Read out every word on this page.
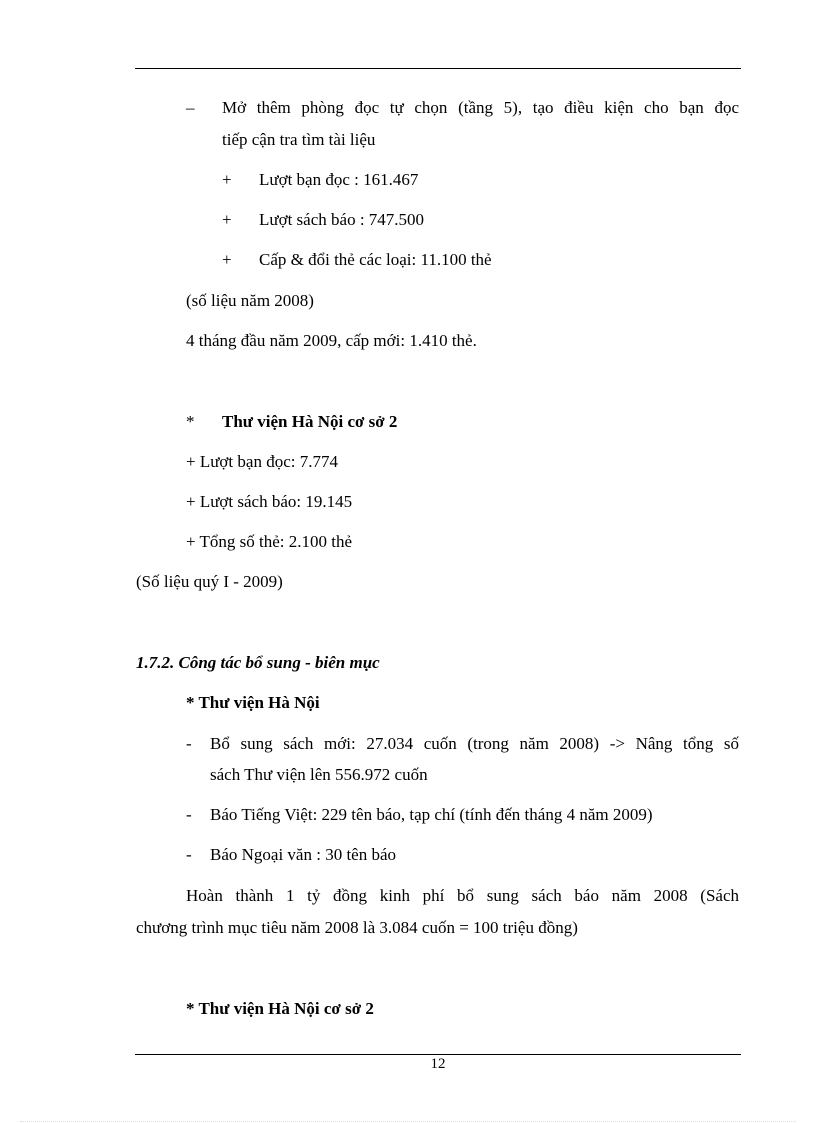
– Mở thêm phòng đọc tự chọn (tầng 5), tạo điều kiện cho bạn đọc
tiếp cận tra tìm tài liệu
+ Lượt bạn đọc : 161.467
+ Lượt sách báo : 747.500
+ Cấp & đổi thẻ các loại: 11.100 thẻ
(số liệu năm 2008)
4 tháng đầu năm 2009, cấp mới: 1.410 thẻ.
* Thư viện Hà Nội cơ sở 2
+ Lượt bạn đọc: 7.774
+ Lượt sách báo: 19.145
+ Tổng số thẻ: 2.100 thẻ
(Số liệu quý I - 2009)
1.7.2. Công tác bổ sung - biên mục
* Thư viện Hà Nội
- Bổ sung sách mới: 27.034 cuốn (trong năm 2008) -> Nâng tổng số
sách Thư viện lên 556.972 cuốn
- Báo Tiếng Việt: 229 tên báo, tạp chí (tính đến tháng 4 năm 2009)
- Báo Ngoại văn : 30 tên báo
Hoàn thành 1 tỷ đồng kinh phí bổ sung sách báo năm 2008 (Sách
chương trình mục tiêu năm 2008 là 3.084 cuốn = 100 triệu đồng)
* Thư viện Hà Nội cơ sở 2
12
